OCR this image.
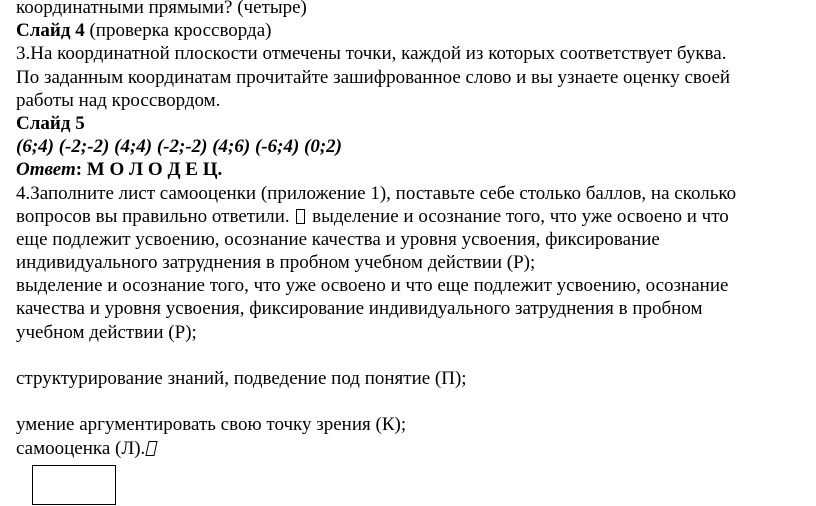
координатными прямыми? (четыре)
Слайд 4 (проверка кроссворда)
3.На координатной плоскости отмечены точки, каждой из которых соответствует буква.
По заданным координатам прочитайте зашифрованное слово и вы узнаете оценку своей
работы над кроссвордом.
Слайд 5
(6;4) (-2;-2) (4;4) (-2;-2) (4;6) (-6;4) (0;2)
Ответ: М О Л О Д Е Ц.
4.Заполните лист самооценки (приложение 1), поставьте себе столько баллов, на сколько
вопросов вы правильно ответили.  выделение и осознание того, что уже освоено и что
еще подлежит усвоению, осознание качества и уровня усвоения, фиксирование
индивидуального затруднения в пробном учебном действии (Р);
выделение и осознание того, что уже освоено и что еще подлежит усвоению, осознание
качества и уровня усвоения, фиксирование индивидуального затруднения в пробном
учебном действии (Р);
структурирование знаний, подведение под понятие (П);
умение аргументировать свою точку зрения (К);
самооценка (Л).
